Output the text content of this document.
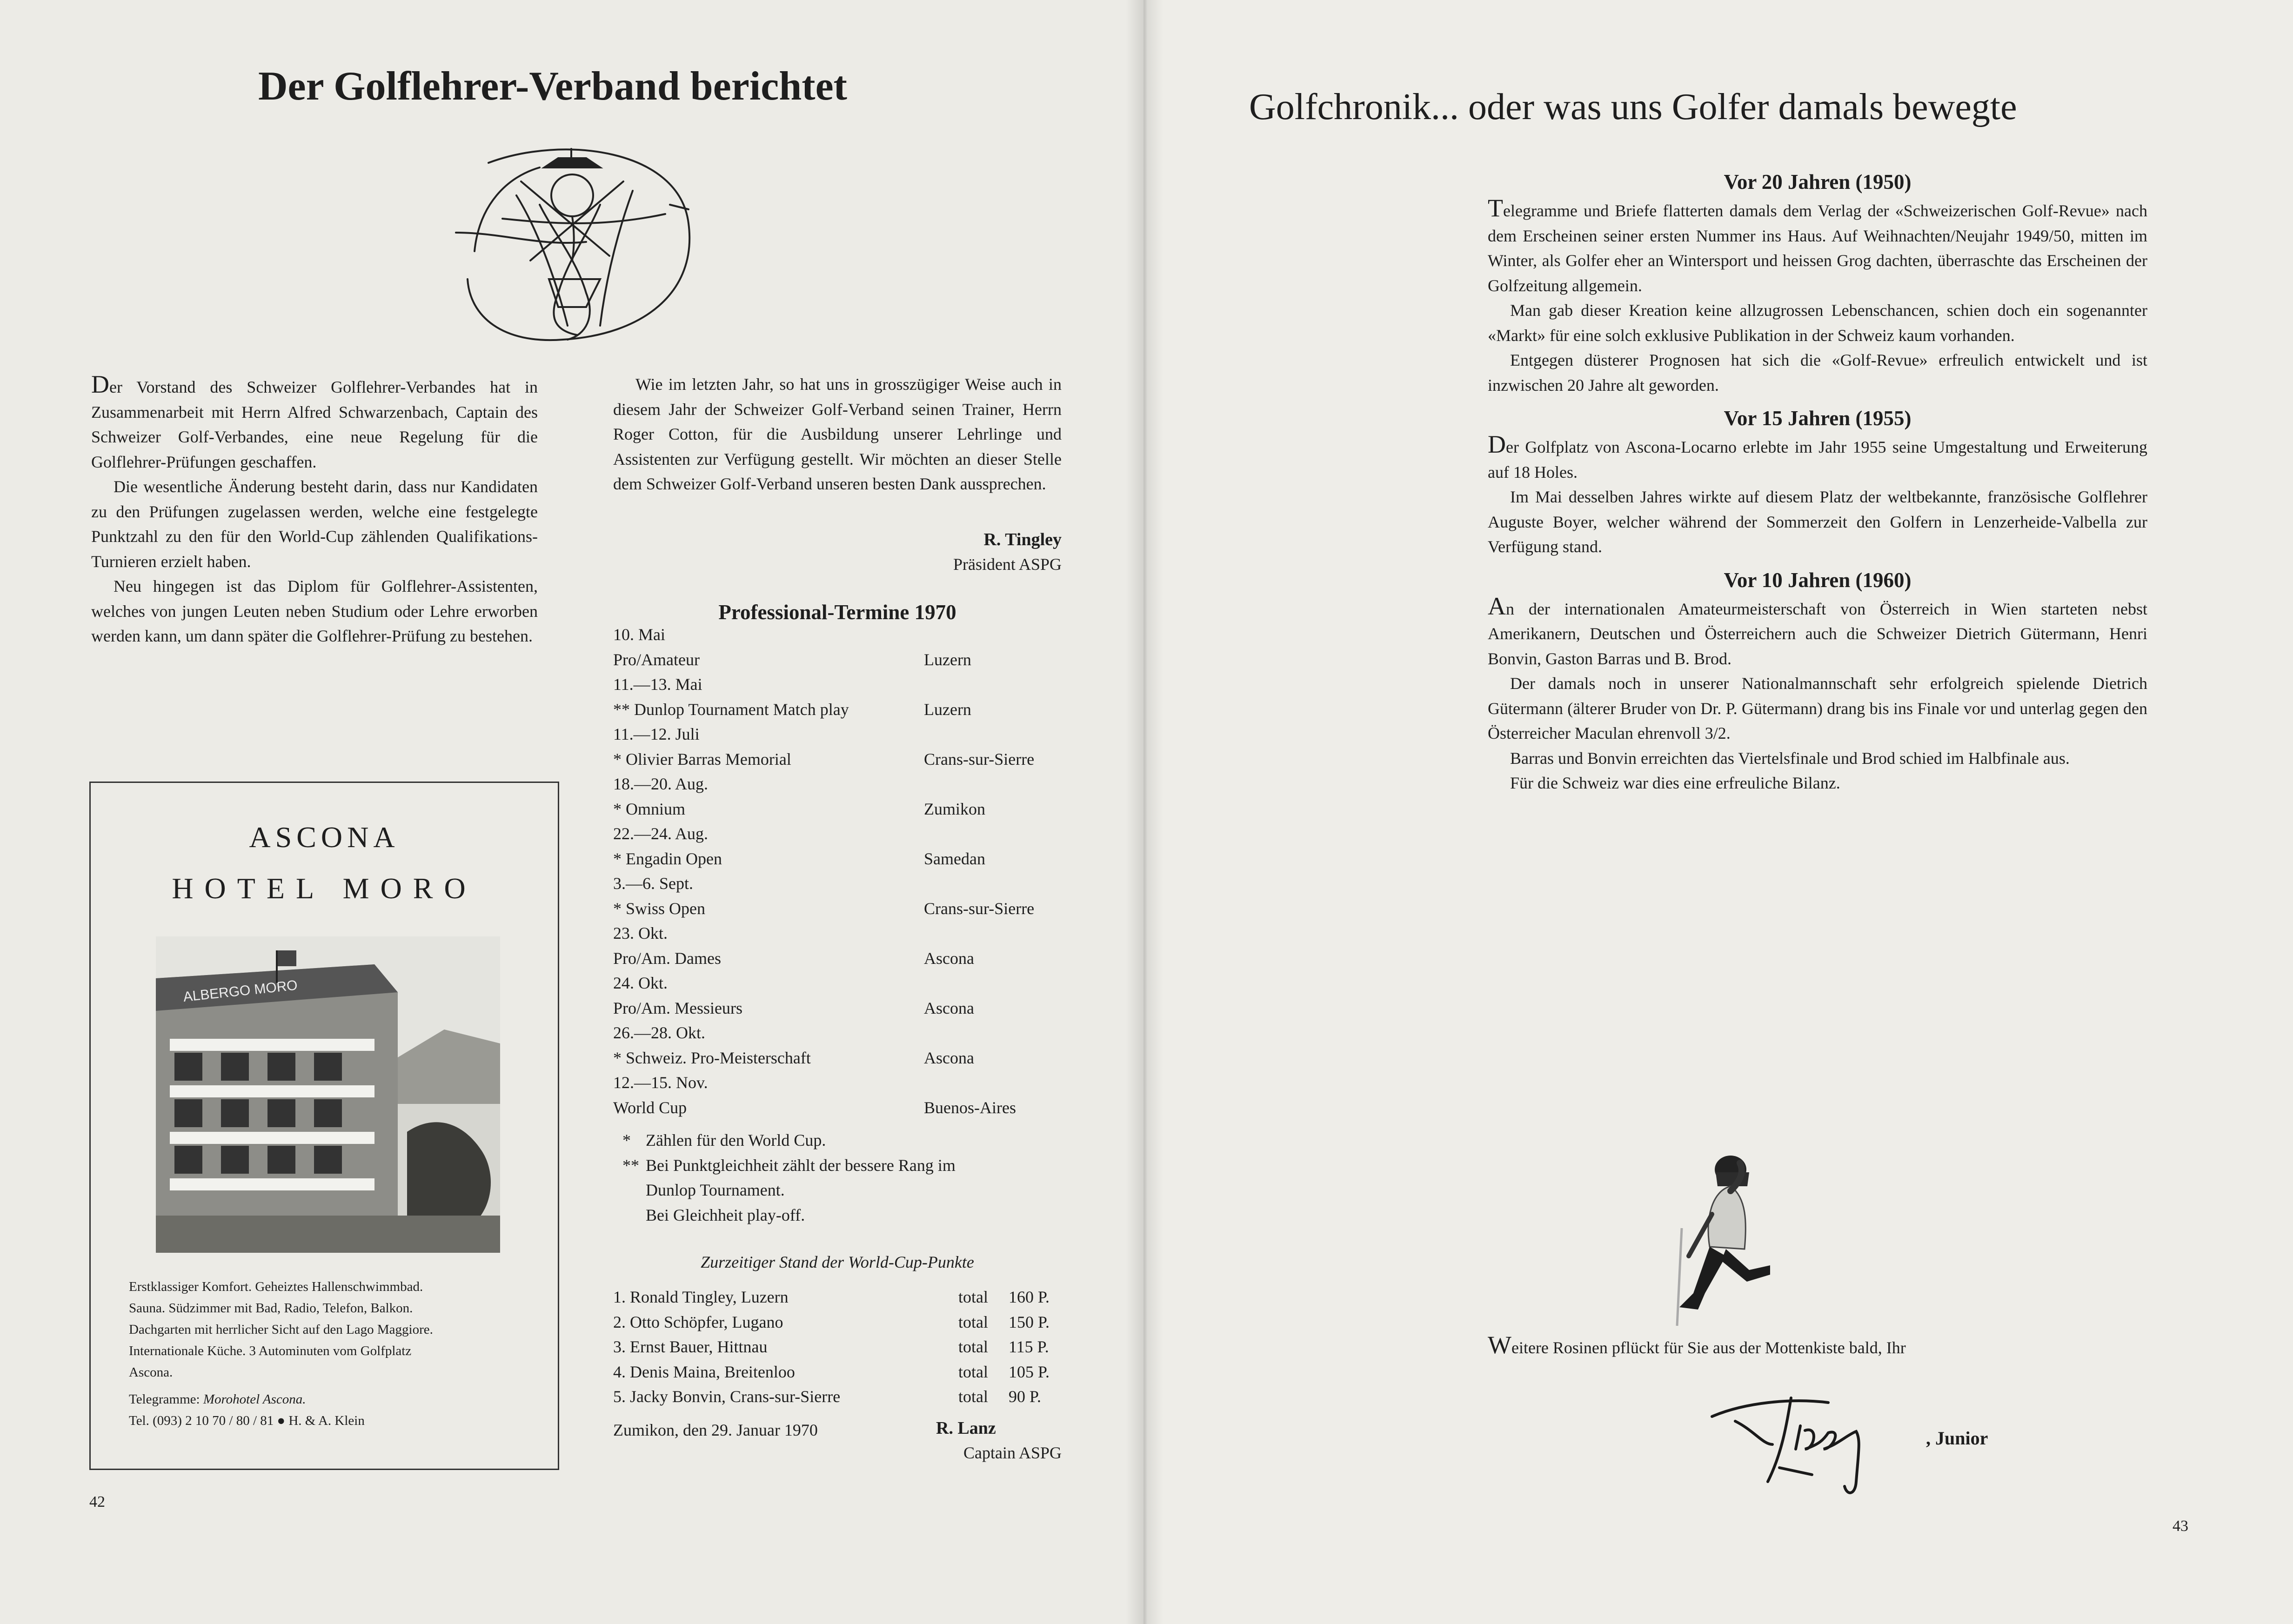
Der Golflehrer-Verband berichtet

Der Vorstand des Schweizer Golflehrer-Verbandes hat in Zusammenarbeit mit Herrn Alfred Schwarzenbach, Captain des Schweizer Golf-Verbandes, eine neue Regelung für die Golflehrer-Prüfungen geschaffen.

Die wesentliche Änderung besteht darin, dass nur Kandidaten zu den Prüfungen zugelassen werden, welche eine festgelegte Punktzahl zu den für den World-Cup zählenden Qualifikations-Turnieren erzielt haben.

Neu hingegen ist das Diplom für Golflehrer-Assistenten, welches von jungen Leuten neben Studium oder Lehre erworben werden kann, um dann später die Golflehrer-Prüfung zu bestehen.

ASCONA
HOTEL MORO
ALBERGO MORO
Erstklassiger Komfort. Geheiztes Hallenschwimmbad.
Sauna. Südzimmer mit Bad, Radio, Telefon, Balkon.
Dachgarten mit herrlicher Sicht auf den Lago Maggiore.
Internationale Küche. 3 Autominuten vom Golfplatz
Ascona.
Telegramme: Morohotel Ascona.
Tel. (093) 2 10 70 / 80 / 81 ● H. & A. Klein

Wie im letzten Jahr, so hat uns in grosszügiger Weise auch in diesem Jahr der Schweizer Golf-Verband seinen Trainer, Herrn Roger Cotton, für die Ausbildung unserer Lehrlinge und Assistenten zur Verfügung gestellt. Wir möchten an dieser Stelle dem Schweizer Golf-Verband unseren besten Dank aussprechen.

R. Tingley
Präsident ASPG
Professional-Termine 1970
10. Mai
Pro/Amateur	Luzern
11.—13. Mai
** Dunlop Tournament Match play	Luzern
11.—12. Juli
* Olivier Barras Memorial	Crans-sur-Sierre
18.—20. Aug.
* Omnium	Zumikon
22.—24. Aug.
* Engadin Open	Samedan
3.—6. Sept.
* Swiss Open	Crans-sur-Sierre
23. Okt.
Pro/Am. Dames	Ascona
24. Okt.
Pro/Am. Messieurs	Ascona
26.—28. Okt.
* Schweiz. Pro-Meisterschaft	Ascona
12.—15. Nov.
World Cup	Buenos-Aires
* Zählen für den World Cup.
** Bei Punktgleichheit zählt der bessere Rang im
Dunlop Tournament.
Bei Gleichheit play-off.
Zurzeitiger Stand der World-Cup-Punkte
1. Ronald Tingley, Luzern	total 160 P.
2. Otto Schöpfer, Lugano	total 150 P.
3. Ernst Bauer, Hittnau	total 115 P.
4. Denis Maina, Breitenloo	total 105 P.
5. Jacky Bonvin, Crans-sur-Sierre	total 90 P.
Zumikon, den 29. Januar 1970	R. Lanz
Captain ASPG
42
Golfchronik... oder was uns Golfer damals bewegte
Vor 20 Jahren (1950)

Telegramme und Briefe flatterten damals dem Verlag der «Schweizerischen Golf-Revue» nach dem Erscheinen seiner ersten Nummer ins Haus. Auf Weihnachten/Neujahr 1949/50, mitten im Winter, als Golfer eher an Wintersport und heissen Grog dachten, überraschte das Erscheinen der Golfzeitung allgemein.

Man gab dieser Kreation keine allzugrossen Lebenschancen, schien doch ein sogenannter «Markt» für eine solch exklusive Publikation in der Schweiz kaum vorhanden.

Entgegen düsterer Prognosen hat sich die «Golf-Revue» erfreulich entwickelt und ist inzwischen 20 Jahre alt geworden.

Vor 15 Jahren (1955)

Der Golfplatz von Ascona-Locarno erlebte im Jahr 1955 seine Umgestaltung und Erweiterung auf 18 Holes.

Im Mai desselben Jahres wirkte auf diesem Platz der weltbekannte, französische Golflehrer Auguste Boyer, welcher während der Sommerzeit den Golfern in Lenzerheide-Valbella zur Verfügung stand.

Vor 10 Jahren (1960)

An der internationalen Amateurmeisterschaft von Österreich in Wien starteten nebst Amerikanern, Deutschen und Österreichern auch die Schweizer Dietrich Gütermann, Henri Bonvin, Gaston Barras und B. Brod.

Der damals noch in unserer Nationalmannschaft sehr erfolgreich spielende Dietrich Gütermann (älterer Bruder von Dr. P. Gütermann) drang bis ins Finale vor und unterlag gegen den Österreicher Maculan ehrenvoll 3/2.

Barras und Bonvin erreichten das Viertelsfinale und Brod schied im Halbfinale aus.

Für die Schweiz war dies eine erfreuliche Bilanz.

Weitere Rosinen pflückt für Sie aus der Mottenkiste bald, Ihr

, Junior
43
